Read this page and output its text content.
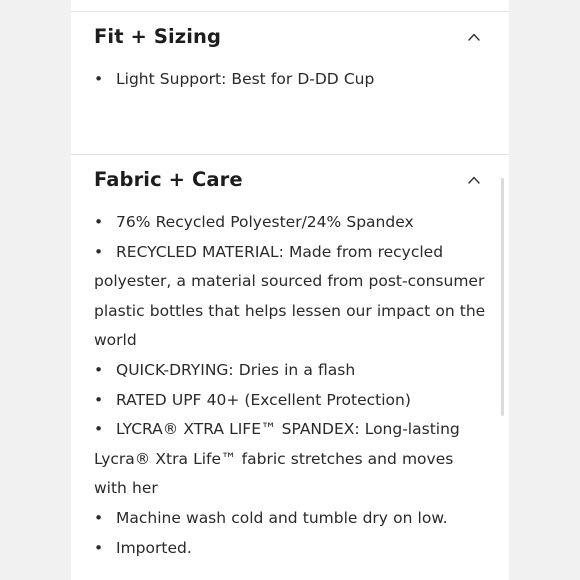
Fit + Sizing
• Light Support: Best for D-DD Cup
Fabric + Care
• 76% Recycled Polyester/24% Spandex
• RECYCLED MATERIAL: Made from recycled polyester, a material sourced from post-consumer plastic bottles that helps lessen our impact on the world
• QUICK-DRYING: Dries in a flash
• RATED UPF 40+ (Excellent Protection)
• LYCRA® XTRA LIFE™ SPANDEX: Long-lasting Lycra® Xtra Life™ fabric stretches and moves with her
• Machine wash cold and tumble dry on low.
• Imported.
